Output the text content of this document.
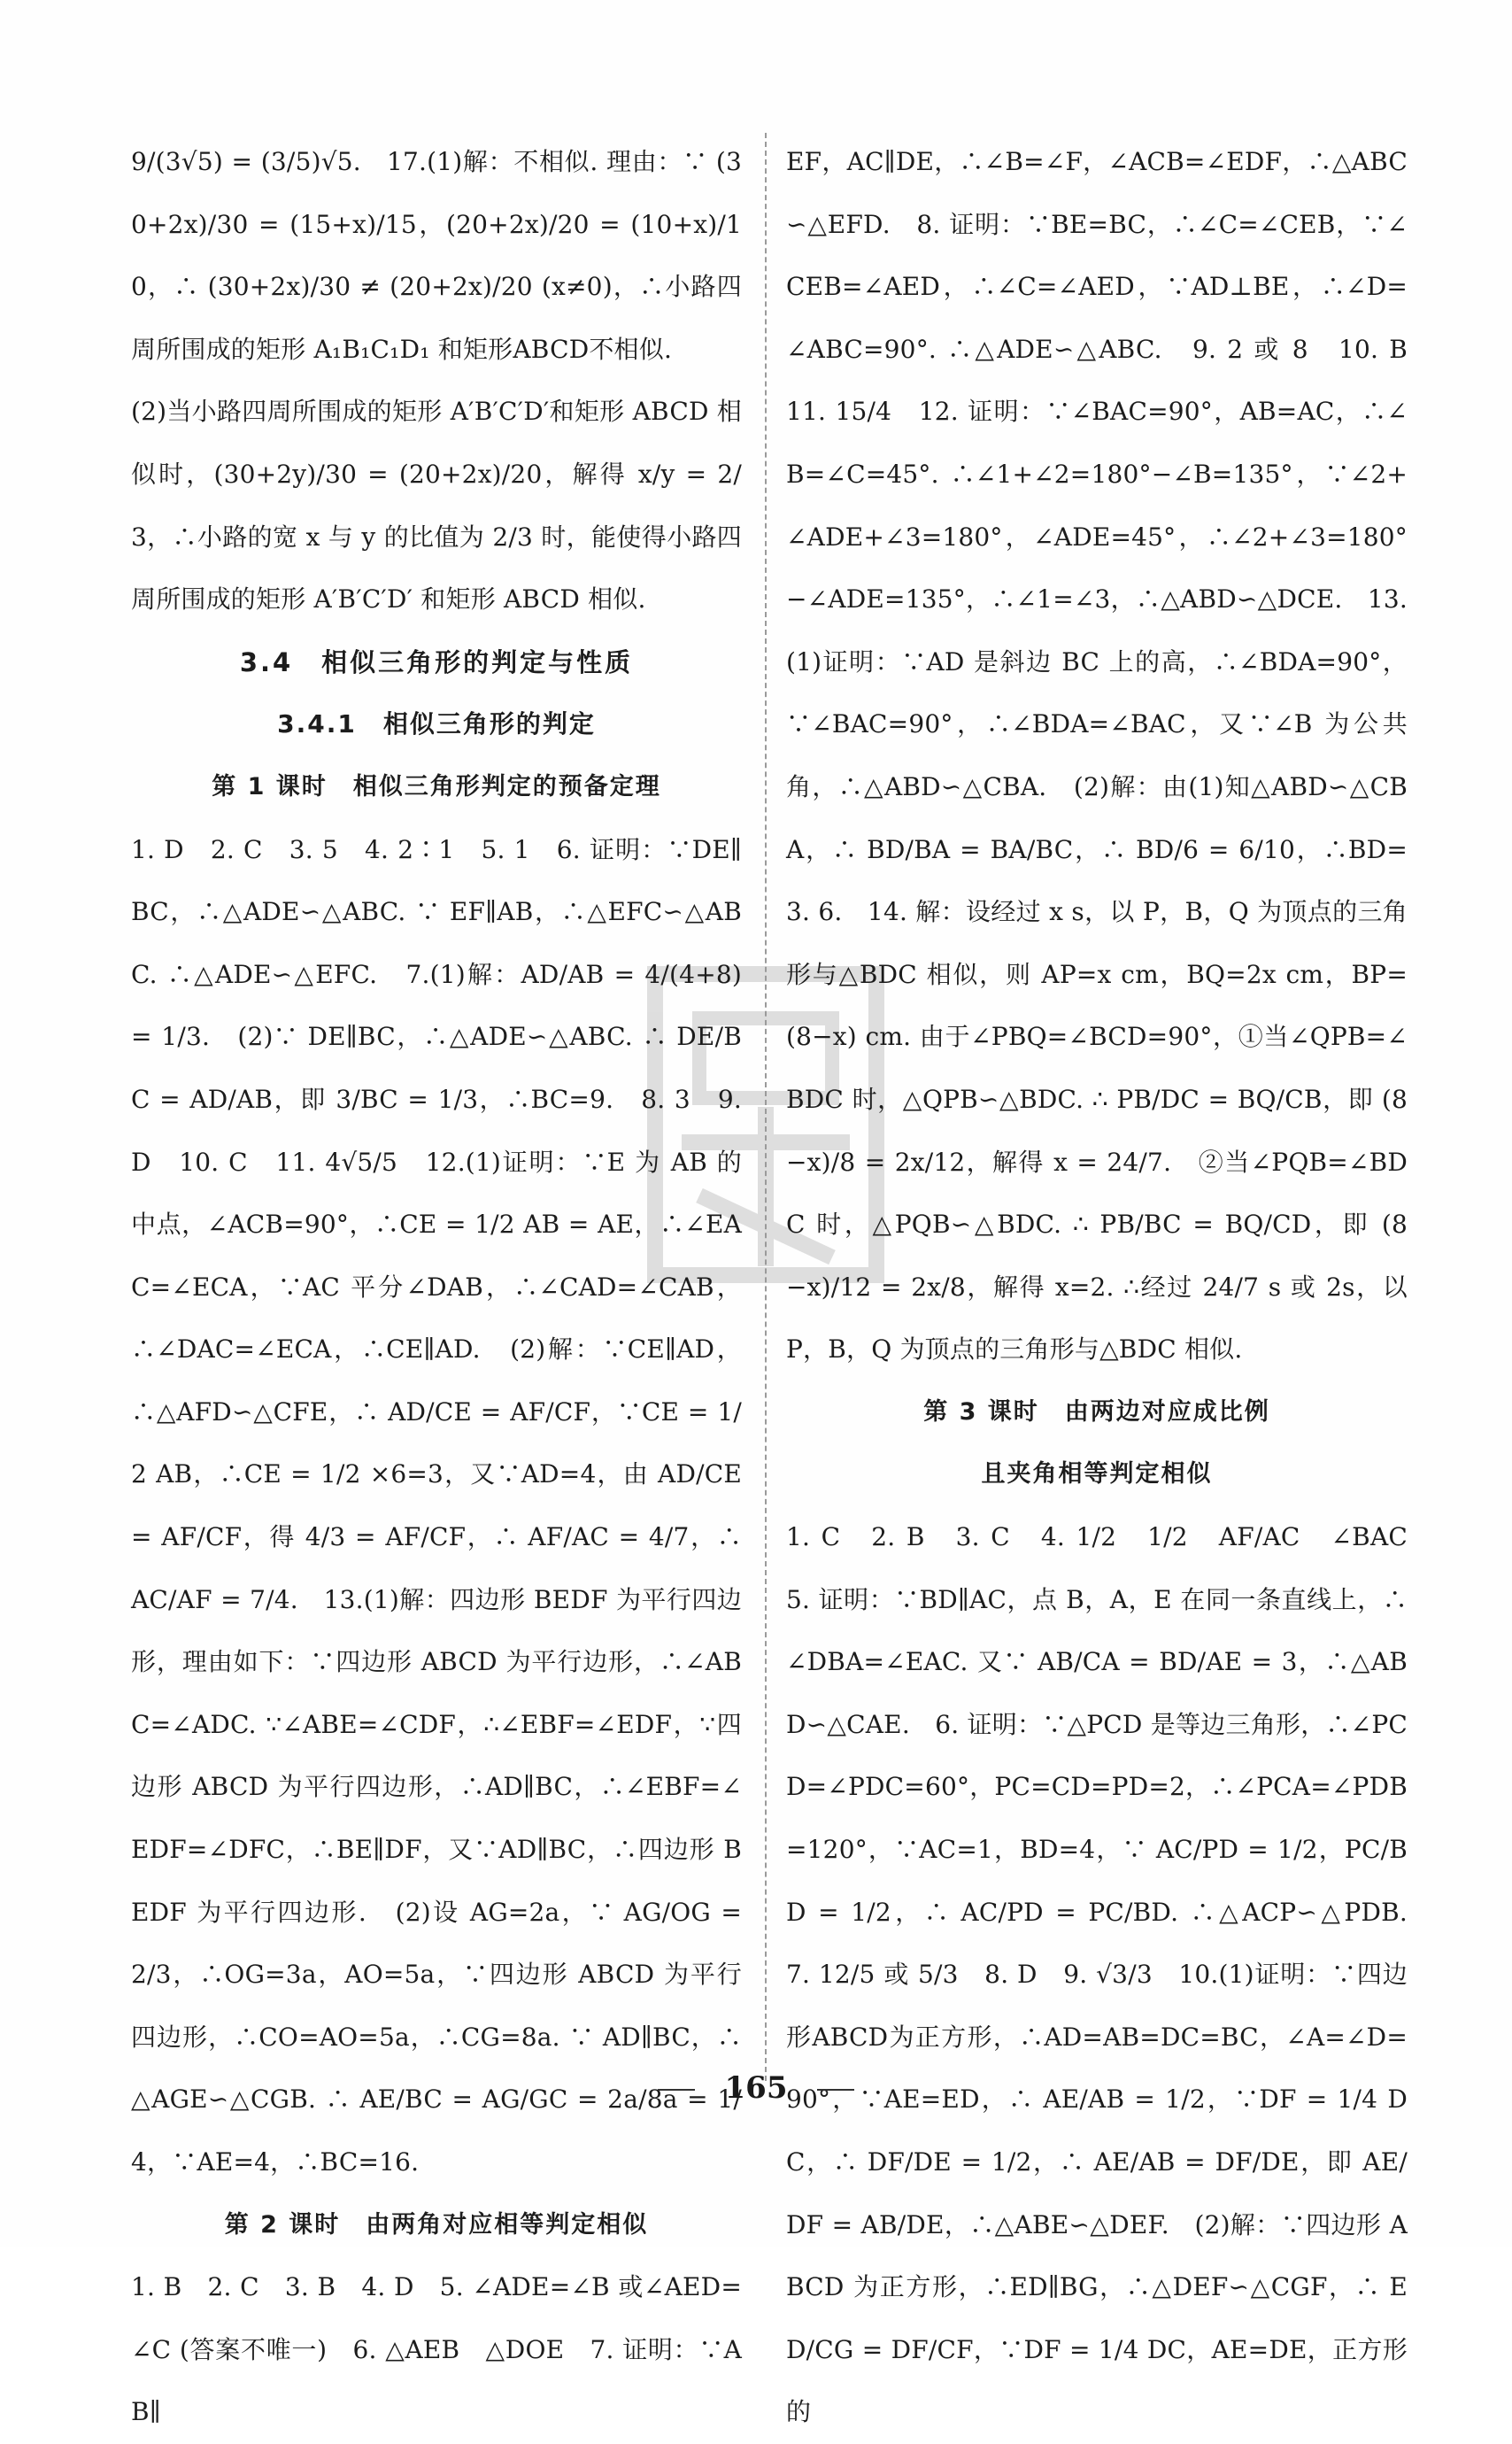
9/(3√5) = (3/5)√5.　17.(1)解：不相似. 理由：∵ (30+2x)/30 = (15+x)/15，(20+2x)/20 = (10+x)/10，∴ (30+2x)/30 ≠ (20+2x)/20 (x≠0)，∴小路四周所围成的矩形 A₁B₁C₁D₁ 和矩形ABCD不相似.
(2)当小路四周所围成的矩形 A′B′C′D′和矩形 ABCD 相似时，(30+2y)/30 = (20+2x)/20，解得 x/y = 2/3，∴小路的宽 x 与 y 的比值为 2/3 时，能使得小路四周所围成的矩形 A′B′C′D′ 和矩形 ABCD 相似.
3.4　相似三角形的判定与性质
3.4.1　相似三角形的判定
第 1 课时　相似三角形判定的预备定理
1. D　2. C　3. 5　4. 2∶1　5. 1　6. 证明：∵DE∥BC，∴△ADE∽△ABC. ∵ EF∥AB，∴△EFC∽△ABC. ∴△ADE∽△EFC.　7.(1)解：AD/AB = 4/(4+8) = 1/3.　(2)∵ DE∥BC，∴△ADE∽△ABC. ∴ DE/BC = AD/AB，即 3/BC = 1/3，∴BC=9.　8. 3　9. D　10. C　11. 4√5/5　12.(1)证明：∵E 为 AB 的中点，∠ACB=90°，∴CE = 1/2 AB = AE，∴∠EAC=∠ECA，∵AC 平分∠DAB，∴∠CAD=∠CAB，∴∠DAC=∠ECA，∴CE∥AD.　(2)解：∵CE∥AD，∴△AFD∽△CFE，∴ AD/CE = AF/CF，∵CE = 1/2 AB，∴CE = 1/2 ×6=3，又∵AD=4，由 AD/CE = AF/CF，得 4/3 = AF/CF，∴ AF/AC = 4/7，∴ AC/AF = 7/4.　13.(1)解：四边形 BEDF 为平行四边形，理由如下：∵四边形 ABCD 为平行边形，∴∠ABC=∠ADC. ∵∠ABE=∠CDF，∴∠EBF=∠EDF，∵四边形 ABCD 为平行四边形，∴AD∥BC，∴∠EBF=∠EDF=∠DFC，∴BE∥DF，又∵AD∥BC，∴四边形 BEDF 为平行四边形.　(2)设 AG=2a，∵ AG/OG = 2/3，∴OG=3a，AO=5a，∵四边形 ABCD 为平行四边形，∴CO=AO=5a，∴CG=8a. ∵ AD∥BC，∴△AGE∽△CGB. ∴ AE/BC = AG/GC = 2a/8a = 1/4，∵AE=4，∴BC=16.
第 2 课时　由两角对应相等判定相似
1. B　2. C　3. B　4. D　5. ∠ADE=∠B 或∠AED=∠C (答案不唯一)　6. △AEB　△DOE　7. 证明：∵AB∥
EF，AC∥DE，∴∠B=∠F，∠ACB=∠EDF，∴△ABC∽△EFD.　8. 证明：∵BE=BC，∴∠C=∠CEB，∵∠CEB=∠AED，∴∠C=∠AED，∵AD⊥BE，∴∠D=∠ABC=90°. ∴△ADE∽△ABC.　9. 2 或 8　10. B　11. 15/4　12. 证明：∵∠BAC=90°，AB=AC，∴∠B=∠C=45°. ∴∠1+∠2=180°−∠B=135°，∵∠2+∠ADE+∠3=180°，∠ADE=45°，∴∠2+∠3=180°−∠ADE=135°，∴∠1=∠3，∴△ABD∽△DCE.　13. (1)证明：∵AD 是斜边 BC 上的高，∴∠BDA=90°，∵∠BAC=90°，∴∠BDA=∠BAC，又∵∠B 为公共角，∴△ABD∽△CBA.　(2)解：由(1)知△ABD∽△CBA，∴ BD/BA = BA/BC，∴ BD/6 = 6/10，∴BD=3. 6.　14. 解：设经过 x s，以 P，B，Q 为顶点的三角形与△BDC 相似，则 AP=x cm，BQ=2x cm，BP=(8−x) cm. 由于∠PBQ=∠BCD=90°，①当∠QPB=∠BDC 时，△QPB∽△BDC. ∴ PB/DC = BQ/CB，即 (8−x)/8 = 2x/12，解得 x = 24/7.　②当∠PQB=∠BDC 时，△PQB∽△BDC. ∴ PB/BC = BQ/CD，即 (8−x)/12 = 2x/8，解得 x=2. ∴经过 24/7 s 或 2s，以 P，B，Q 为顶点的三角形与△BDC 相似.
第 3 课时　由两边对应成比例
且夹角相等判定相似
1. C　2. B　3. C　4. 1/2　1/2　AF/AC　∠BAC　5. 证明：∵BD∥AC，点 B，A，E 在同一条直线上，∴∠DBA=∠EAC. 又∵ AB/CA = BD/AE = 3，∴△ABD∽△CAE.　6. 证明：∵△PCD 是等边三角形，∴∠PCD=∠PDC=60°，PC=CD=PD=2，∴∠PCA=∠PDB=120°，∵AC=1，BD=4，∵ AC/PD = 1/2，PC/BD = 1/2，∴ AC/PD = PC/BD. ∴△ACP∽△PDB.　7. 12/5 或 5/3　8. D　9. √3/3　10.(1)证明：∵四边形ABCD为正方形，∴AD=AB=DC=BC，∠A=∠D=90°，∵AE=ED，∴ AE/AB = 1/2，∵DF = 1/4 DC，∴ DF/DE = 1/2，∴ AE/AB = DF/DE，即 AE/DF = AB/DE，∴△ABE∽△DEF.　(2)解：∵四边形 ABCD 为正方形，∴ED∥BG，∴△DEF∽△CGF，∴ ED/CG = DF/CF，∵DF = 1/4 DC，AE=DE，正方形的
165
